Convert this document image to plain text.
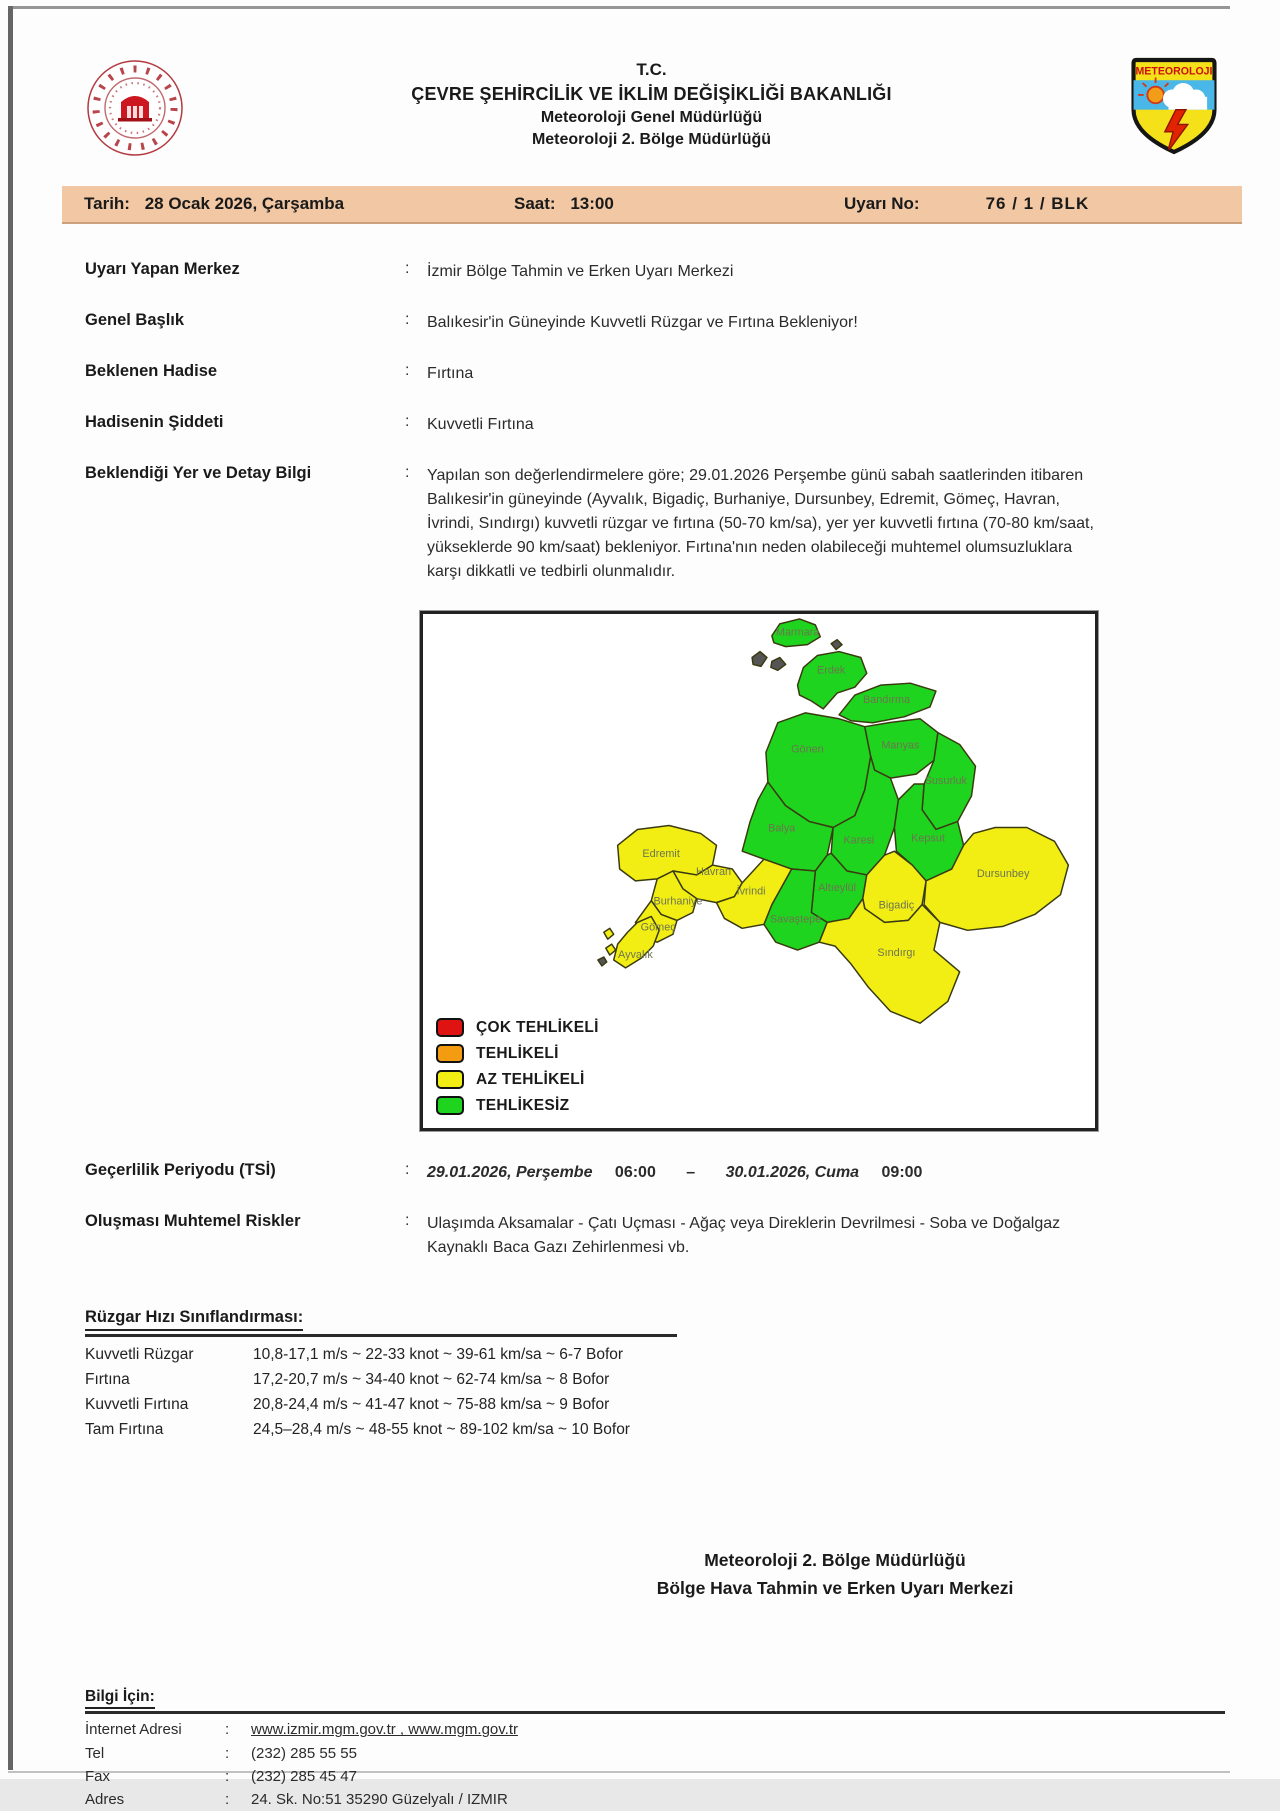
T.C.
ÇEVRE ŞEHİRCİLİK VE İKLİM DEĞİŞİKLİĞİ BAKANLIĞI
Meteoroloji Genel Müdürlüğü
Meteoroloji 2. Bölge Müdürlüğü
METEOROLOJI
Tarih: 28 Ocak 2026, Çarşamba	Saat: 13:00	Uyarı No:	76 / 1 / BLK
Uyarı Yapan Merkez	:	İzmir Bölge Tahmin ve Erken Uyarı Merkezi
Genel Başlık	:	Balıkesir'in Güneyinde Kuvvetli Rüzgar ve Fırtına Bekleniyor!
Beklenen Hadise	:	Fırtına
Hadisenin Şiddeti	:	Kuvvetli Fırtına
Beklendiği Yer ve Detay Bilgi	:	Yapılan son değerlendirmelere göre; 29.01.2026 Perşembe günü sabah saatlerinden itibaren Balıkesir'in güneyinde (Ayvalık, Bigadiç, Burhaniye, Dursunbey, Edremit, Gömeç, Havran, İvrindi, Sındırgı) kuvvetli rüzgar ve fırtına (50-70 km/sa), yer yer kuvvetli fırtına (70-80 km/saat, yükseklerde 90 km/saat) bekleniyor. Fırtına'nın neden olabileceği muhtemel olumsuzluklara karşı dikkatli ve tedbirli olunmalıdır.
Marmara
Erdek
Bandırma
Gönen	Manyas
Susurluk
Balya
Karesi	Kepsut
Altıeylül
Savaştepe
Edremit
Havran
İvrindi
Burhaniye
Gömeç
Ayvalık
Bigadiç
Dursunbey
Sındırgı
ÇOK TEHLİKELİ
TEHLİKELİ
AZ TEHLİKELİ
TEHLİKESİZ
Geçerlilik Periyodu (TSİ)	:	29.01.2026, Perşembe 06:00 – 30.01.2026, Cuma 09:00
Oluşması Muhtemel Riskler	:	Ulaşımda Aksamalar - Çatı Uçması - Ağaç veya Direklerin Devrilmesi - Soba ve Doğalgaz Kaynaklı Baca Gazı Zehirlenmesi vb.
Rüzgar Hızı Sınıflandırması:
Kuvvetli Rüzgar	10,8-17,1 m/s ~ 22-33 knot ~ 39-61 km/sa ~ 6-7 Bofor
Fırtına	17,2-20,7 m/s ~ 34-40 knot ~ 62-74 km/sa ~ 8 Bofor
Kuvvetli Fırtına	20,8-24,4 m/s ~ 41-47 knot ~ 75-88 km/sa ~ 9 Bofor
Tam Fırtına	24,5–28,4 m/s ~ 48-55 knot ~ 89-102 km/sa ~ 10 Bofor
Meteoroloji 2. Bölge Müdürlüğü
Bölge Hava Tahmin ve Erken Uyarı Merkezi
Bilgi İçin:
İnternet Adresi	:	www.izmir.mgm.gov.tr , www.mgm.gov.tr
Tel	:	(232) 285 55 55
Fax	:	(232) 285 45 47
Adres	:	24. Sk. No:51 35290 Güzelyalı / IZMIR
